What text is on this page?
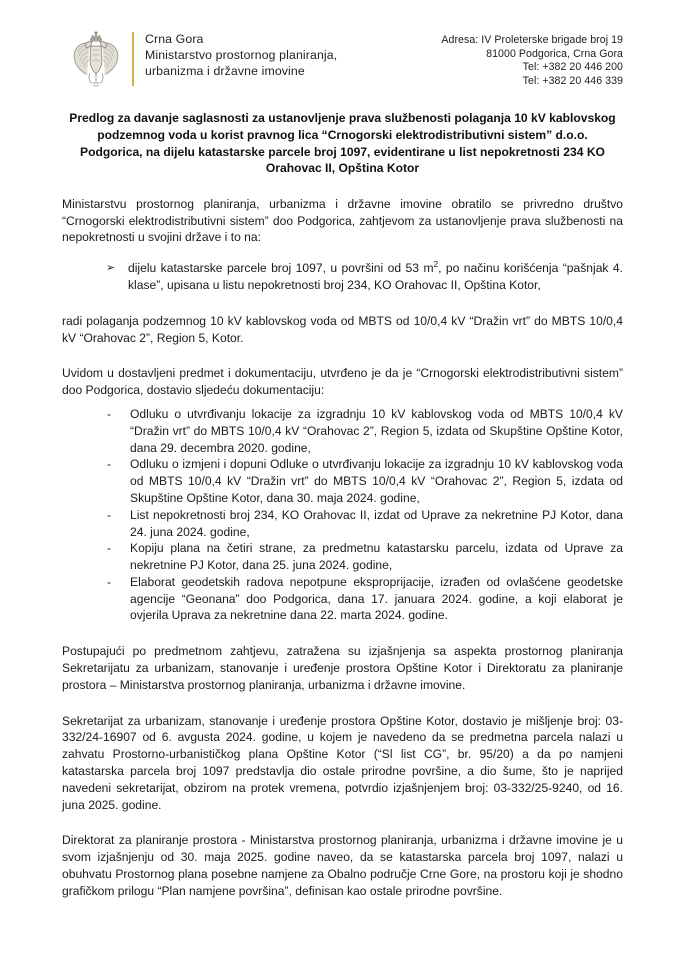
Crna Gora
Ministarstvo prostornog planiranja,
urbanizma i državne imovine
Adresa: IV Proleterske brigade broj 19
81000 Podgorica, Crna Gora
Tel: +382 20 446 200
Tel: +382 20 446 339
Predlog za davanje saglasnosti za ustanovljenje prava službenosti polaganja 10 kV kablovskog podzemnog voda u korist pravnog lica “Crnogorski elektrodistributivni sistem” d.o.o. Podgorica, na dijelu katastarske parcele broj 1097, evidentirane u list nepokretnosti 234 KO Orahovac II, Opština Kotor

Ministarstvu prostornog planiranja, urbanizma i državne imovine obratilo se privredno društvo “Crnogorski elektrodistributivni sistem” doo Podgorica, zahtjevom za ustanovljenje prava službenosti na nepokretnosti u svojini države i to na:

➢ dijelu katastarske parcele broj 1097, u površini od 53 $m^2$, po načinu korišćenja “pašnjak 4. klase”, upisana u listu nepokretnosti broj 234, KO Orahovac II, Opština Kotor,

radi polaganja podzemnog 10 kV kablovskog voda od MBTS od 10/0,4 kV “Dražin vrt” do MBTS 10/0,4 kV “Orahovac 2”, Region 5, Kotor.

Uvidom u dostavljeni predmet i dokumentaciju, utvrđeno je da je “Crnogorski elektrodistributivni sistem” doo Podgorica, dostavio sljedeću dokumentaciju:

- Odluku o utvrđivanju lokacije za izgradnju 10 kV kablovskog voda od MBTS 10/0,4 kV “Dražin vrt” do MBTS 10/0,4 kV “Orahovac 2”, Region 5, izdata od Skupštine Opštine Kotor, dana 29. decembra 2020. godine,
- Odluku o izmjeni i dopuni Odluke o utvrđivanju lokacije za izgradnju 10 kV kablovskog voda od MBTS 10/0,4 kV “Dražin vrt” do MBTS 10/0,4 kV “Orahovac 2”, Region 5, izdata od Skupštine Opštine Kotor, dana 30. maja 2024. godine,
- List nepokretnosti broj 234, KO Orahovac II, izdat od Uprave za nekretnine PJ Kotor, dana 24. juna 2024. godine,
- Kopiju plana na četiri strane, za predmetnu katastarsku parcelu, izdata od Uprave za nekretnine PJ Kotor, dana 25. juna 2024. godine,
- Elaborat geodetskih radova nepotpune eksproprijacije, izrađen od ovlašćene geodetske agencije “Geonana” doo Podgorica, dana 17. januara 2024. godine, a koji elaborat je ovjerila Uprava za nekretnine dana 22. marta 2024. godine.

Postupajući po predmetnom zahtjevu, zatražena su izjašnjenja sa aspekta prostornog planiranja Sekretarijatu za urbanizam, stanovanje i uređenje prostora Opštine Kotor i Direktoratu za planiranje prostora – Ministarstva prostornog planiranja, urbanizma i državne imovine.

Sekretarijat za urbanizam, stanovanje i uređenje prostora Opštine Kotor, dostavio je mišljenje broj: 03-332/24-16907 od 6. avgusta 2024. godine, u kojem je navedeno da se predmetna parcela nalazi u zahvatu Prostorno-urbanističkog plana Opštine Kotor (“Sl list CG”, br. 95/20) a da po namjeni katastarska parcela broj 1097 predstavlja dio ostale prirodne površine, a dio šume, što je naprijed navedeni sekretarijat, obzirom na protek vremena, potvrdio izjašnjenjem broj: 03-332/25-9240, od 16. juna 2025. godine.

Direktorat za planiranje prostora - Ministarstva prostornog planiranja, urbanizma i državne imovine je u svom izjašnjenju od 30. maja 2025. godine naveo, da se katastarska parcela broj 1097, nalazi u obuhvatu Prostornog plana posebne namjene za Obalno područje Crne Gore, na prostoru koji je shodno grafičkom prilogu “Plan namjene površina”, definisan kao ostale prirodne površine.
